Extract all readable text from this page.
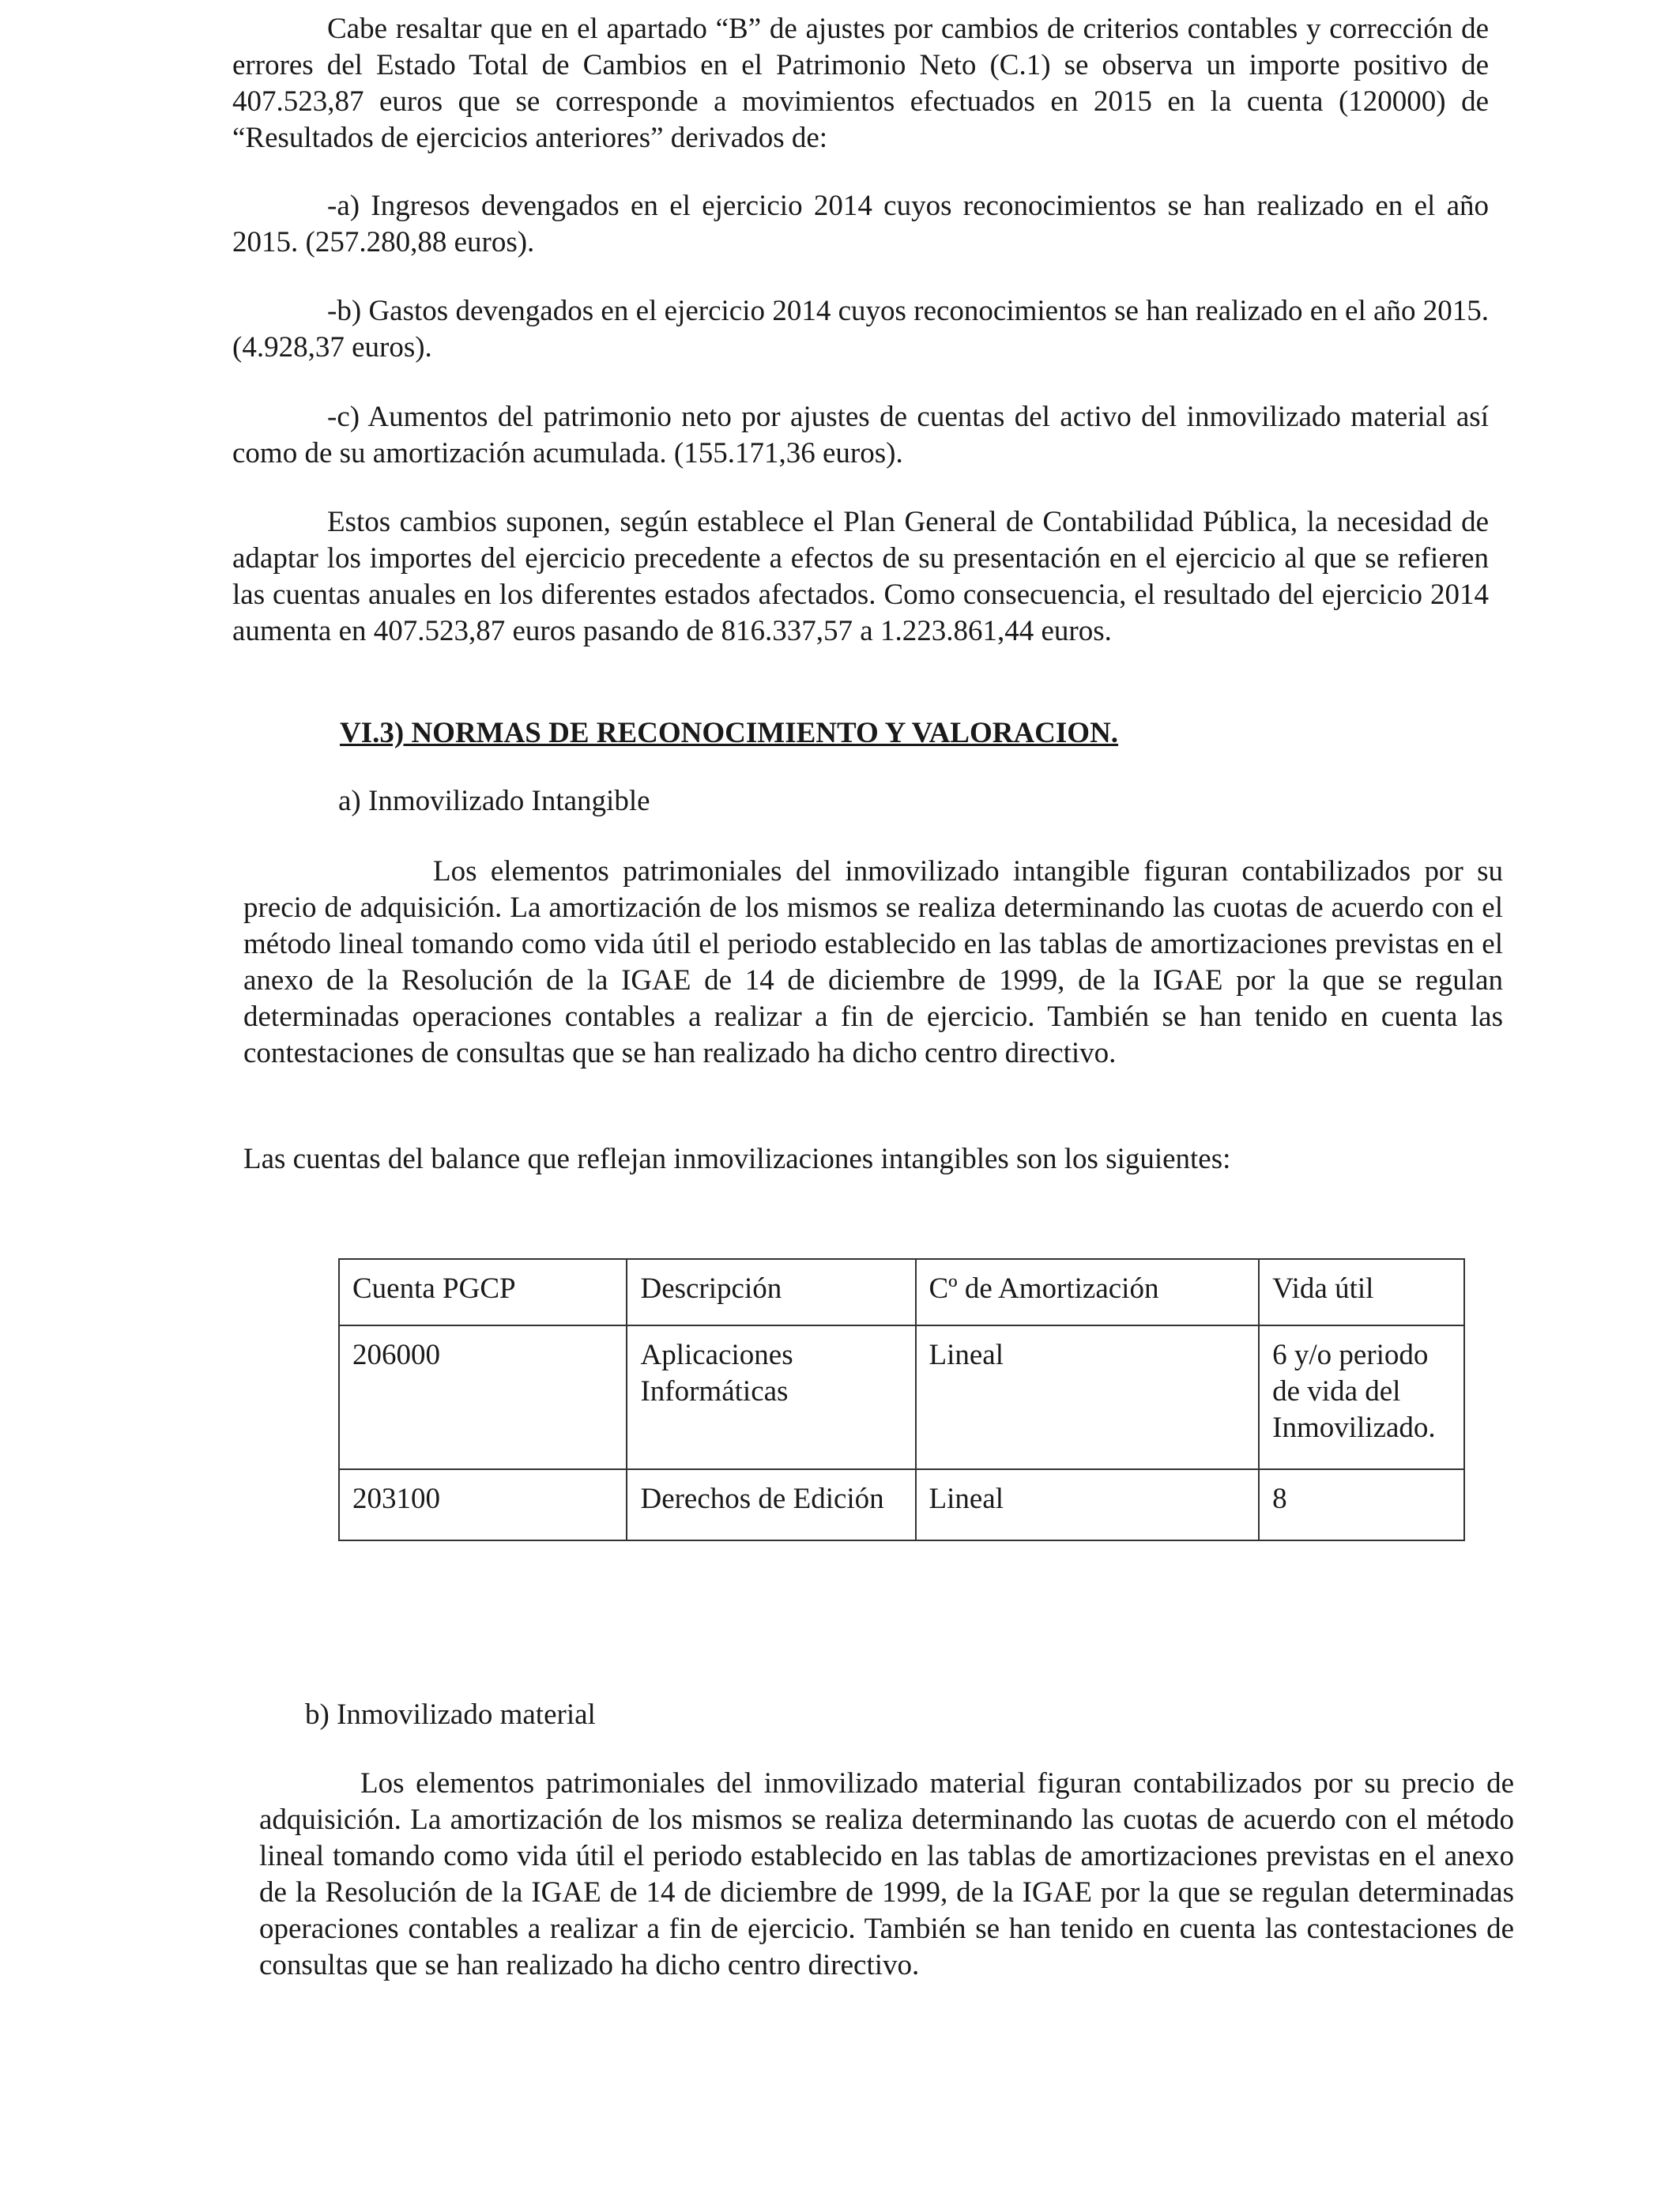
Cabe resaltar que en el apartado “B” de ajustes por cambios de criterios contables y corrección de errores del Estado Total de Cambios en el Patrimonio Neto (C.1) se observa un importe positivo de 407.523,87 euros que se corresponde a movimientos efectuados en 2015 en la cuenta (120000) de “Resultados de ejercicios anteriores” derivados de:

-a) Ingresos devengados en el ejercicio 2014 cuyos reconocimientos se han realizado en el año 2015. (257.280,88 euros).

-b) Gastos devengados en el ejercicio 2014 cuyos reconocimientos se han realizado en el año 2015. (4.928,37 euros).

-c) Aumentos del patrimonio neto por ajustes de cuentas del activo del inmovilizado material así como de su amortización acumulada. (155.171,36 euros).

Estos cambios suponen, según establece el Plan General de Contabilidad Pública, la necesidad de adaptar los importes del ejercicio precedente a efectos de su presentación en el ejercicio al que se refieren las cuentas anuales en los diferentes estados afectados. Como consecuencia, el resultado del ejercicio 2014 aumenta en 407.523,87 euros pasando de 816.337,57 a 1.223.861,44 euros.

VI.3) NORMAS DE RECONOCIMIENTO Y VALORACION.

a) Inmovilizado Intangible

Los elementos patrimoniales del inmovilizado intangible figuran contabilizados por su precio de adquisición. La amortización de los mismos se realiza determinando las cuotas de acuerdo con el método lineal tomando como vida útil el periodo establecido en las tablas de amortizaciones previstas en el anexo de la Resolución de la IGAE de 14 de diciembre de 1999, de la IGAE por la que se regulan determinadas operaciones contables a realizar a fin de ejercicio. También se han tenido en cuenta las contestaciones de consultas que se han realizado ha dicho centro directivo.

Las cuentas del balance que reflejan inmovilizaciones intangibles son los siguientes:

Cuenta PGCP	Descripción	Cº de Amortización	Vida útil
206000	Aplicaciones Informáticas	Lineal	6 y/o periodo de vida del Inmovilizado.
203100	Derechos de Edición	Lineal	8

b) Inmovilizado material

Los elementos patrimoniales del inmovilizado material figuran contabilizados por su precio de adquisición. La amortización de los mismos se realiza determinando las cuotas de acuerdo con el método lineal tomando como vida útil el periodo establecido en las tablas de amortizaciones previstas en el anexo de la Resolución de la IGAE de 14 de diciembre de 1999, de la IGAE por la que se regulan determinadas operaciones contables a realizar a fin de ejercicio. También se han tenido en cuenta las contestaciones de consultas que se han realizado ha dicho centro directivo.
